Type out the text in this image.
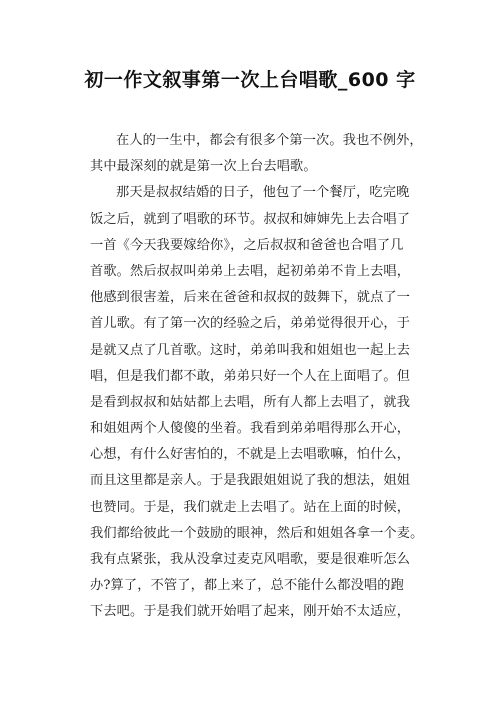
初一作文叙事第一次上台唱歌_600 字
在人的一生中，都会有很多个第一次。我也不例外，
其中最深刻的就是第一次上台去唱歌。
那天是叔叔结婚的日子，他包了一个餐厅，吃完晚
饭之后，就到了唱歌的环节。叔叔和婶婶先上去合唱了
一首《今天我要嫁给你》，之后叔叔和爸爸也合唱了几
首歌。然后叔叔叫弟弟上去唱，起初弟弟不肯上去唱，
他感到很害羞，后来在爸爸和叔叔的鼓舞下，就点了一
首儿歌。有了第一次的经验之后，弟弟觉得很开心，于
是就又点了几首歌。这时，弟弟叫我和姐姐也一起上去
唱，但是我们都不敢，弟弟只好一个人在上面唱了。但
是看到叔叔和姑姑都上去唱，所有人都上去唱了，就我
和姐姐两个人傻傻的坐着。我看到弟弟唱得那么开心，
心想，有什么好害怕的，不就是上去唱歌嘛，怕什么，
而且这里都是亲人。于是我跟姐姐说了我的想法，姐姐
也赞同。于是，我们就走上去唱了。站在上面的时候，
我们都给彼此一个鼓励的眼神，然后和姐姐各拿一个麦。
我有点紧张，我从没拿过麦克风唱歌，要是很难听怎么
办?算了，不管了，都上来了，总不能什么都没唱的跑
下去吧。于是我们就开始唱了起来，刚开始不太适应，
